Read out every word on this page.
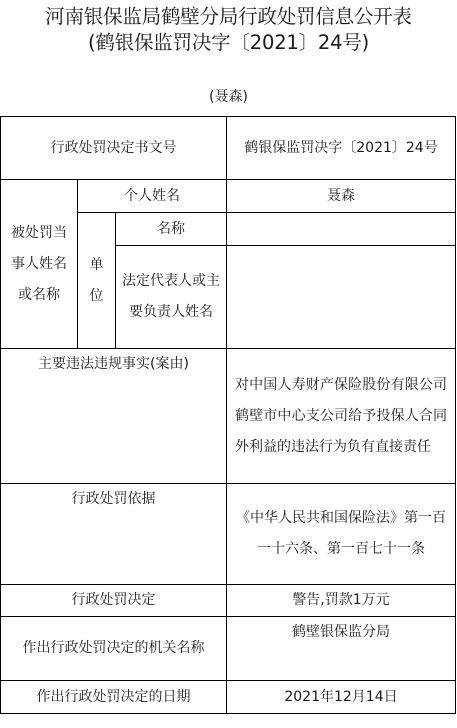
河南银保监局鹤壁分局行政处罚信息公开表
(鹤银保监罚决字〔2021〕24号)
(聂森)
行政处罚决定书文号			鹤银保监罚决字〔2021〕24号
被处罚当事人姓名或名称	个人姓名		聂森
	单位	名称	
		法定代表人或主要负责人姓名	

主要违法违规事实(案由)			对中国人寿财产保险股份有限公司鹤壁市中心支公司给予投保人合同外利益的违法行为负有直接责任
行政处罚依据			《中华人民共和国保险法》第一百一十六条、第一百七十一条
行政处罚决定			警告,罚款1万元
作出行政处罚决定的机关名称			鹤壁银保监分局
作出行政处罚决定的日期			2021年12月14日
